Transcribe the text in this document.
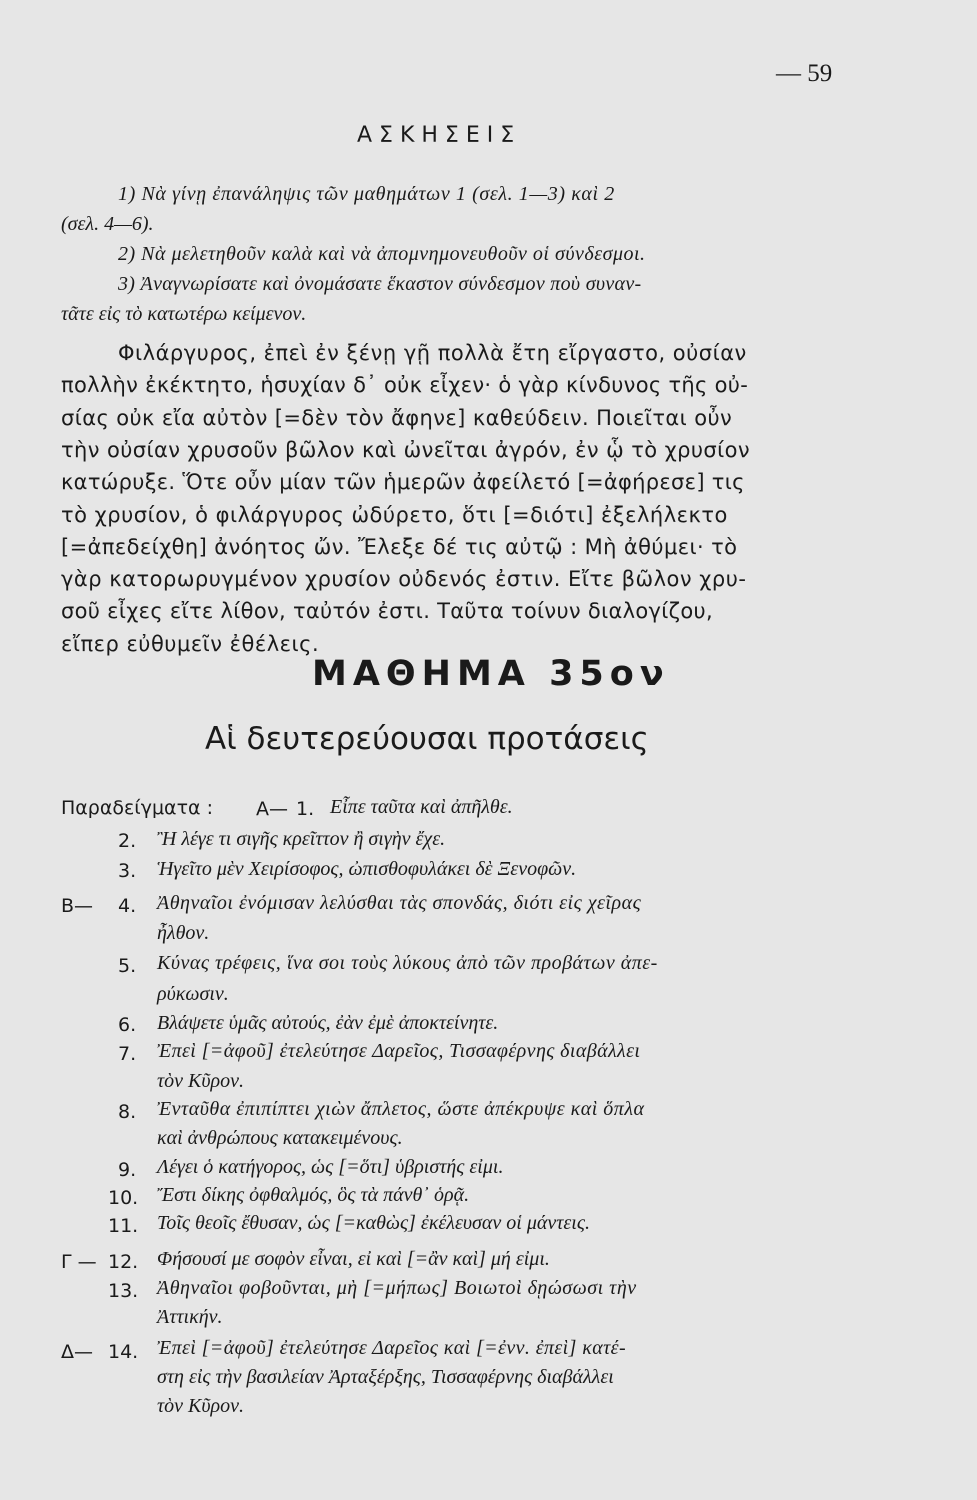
— 59
ΑΣΚΗΣΕΙΣ
1) Νὰ γίνῃ ἐπανάληψις τῶν μαθημάτων 1 (σελ. 1—3) καὶ 2
(σελ. 4—6).
2) Νὰ μελετηθοῦν καλὰ καὶ νὰ ἀπομνημονευθοῦν οἱ σύνδεσμοι.
3) Ἀναγνωρίσατε καὶ ὀνομάσατε ἕκαστον σύνδεσμον ποὺ συναν-
τᾶτε εἰς τὸ κατωτέρω κείμενον.
Φιλάργυρος, ἐπεὶ ἐν ξένῃ γῇ πολλὰ ἔτη εἴργαστο, οὐσίαν
πολλὴν ἐκέκτητο, ἡσυχίαν δ᾿ οὐκ εἶχεν· ὁ γὰρ κίνδυνος τῆς οὐ-
σίας οὐκ εἴα αὐτὸν [=δὲν τὸν ἄφηνε] καθεύδειν. Ποιεῖται οὖν
τὴν οὐσίαν χρυσοῦν βῶλον καὶ ὠνεῖται ἀγρόν, ἐν ᾧ τὸ χρυσίον
κατώρυξε. Ὅτε οὖν μίαν τῶν ἡμερῶν ἀφείλετό [=ἀφήρεσε] τις
τὸ χρυσίον, ὁ φιλάργυρος ὠδύρετο, ὅτι [=διότι] ἐξελήλεκτο
[=ἀπεδείχθη] ἀνόητος ὤν. Ἔλεξε δέ τις αὐτῷ : Μὴ ἀθύμει· τὸ
γὰρ κατορωρυγμένον χρυσίον οὐδενός ἐστιν. Εἴτε βῶλον χρυ-
σοῦ εἶχες εἴτε λίθον, ταὐτόν ἐστι. Ταῦτα τοίνυν διαλογίζου,
εἴπερ εὐθυμεῖν ἐθέλεις.
ΜΑΘΗΜΑ 35ον
Αἱ δευτερεύουσαι προτάσεις
Παραδείγματα : Α— 1. Εἶπε ταῦτα καὶ ἀπῆλθε.
2. Ἢ λέγε τι σιγῆς κρεῖττον ἢ σιγὴν ἔχε.
3. Ἡγεῖτο μὲν Χειρίσοφος, ὠπισθοφυλάκει δὲ Ξενοφῶν.
Β— 4. Ἀθηναῖοι ἐνόμισαν λελύσθαι τὰς σπονδάς, διότι εἰς χεῖρας
ἦλθον.
5. Κύνας τρέφεις, ἵνα σοι τοὺς λύκους ἀπὸ τῶν προβάτων ἀπε-
ρύκωσιν.
6. Βλάψετε ὑμᾶς αὐτούς, ἐὰν ἐμὲ ἀποκτείνητε.
7. Ἐπεὶ [=ἀφοῦ] ἐτελεύτησε Δαρεῖος, Τισσαφέρνης διαβάλλει
τὸν Κῦρον.
8. Ἐνταῦθα ἐπιπίπτει χιὼν ἄπλετος, ὥστε ἀπέκρυψε καὶ ὅπλα
καὶ ἀνθρώπους κατακειμένους.
9. Λέγει ὁ κατήγορος, ὡς [=ὅτι] ὑβριστής εἰμι.
10. Ἔστι δίκης ὀφθαλμός, ὃς τὰ πάνθ᾿ ὁρᾷ.
11. Τοῖς θεοῖς ἔθυσαν, ὡς [=καθὼς] ἐκέλευσαν οἱ μάντεις.
Γ — 12. Φήσουσί με σοφὸν εἶναι, εἰ καὶ [=ἂν καὶ] μή εἰμι.
13. Ἀθηναῖοι φοβοῦνται, μὴ [=μήπως] Βοιωτοὶ δῃώσωσι τὴν
Ἀττικήν.
Δ— 14. Ἐπεὶ [=ἀφοῦ] ἐτελεύτησε Δαρεῖος καὶ [=ἐνν. ἐπεὶ] κατέ-
στη εἰς τὴν βασιλείαν Ἀρταξέρξης, Τισσαφέρνης διαβάλλει
τὸν Κῦρον.
